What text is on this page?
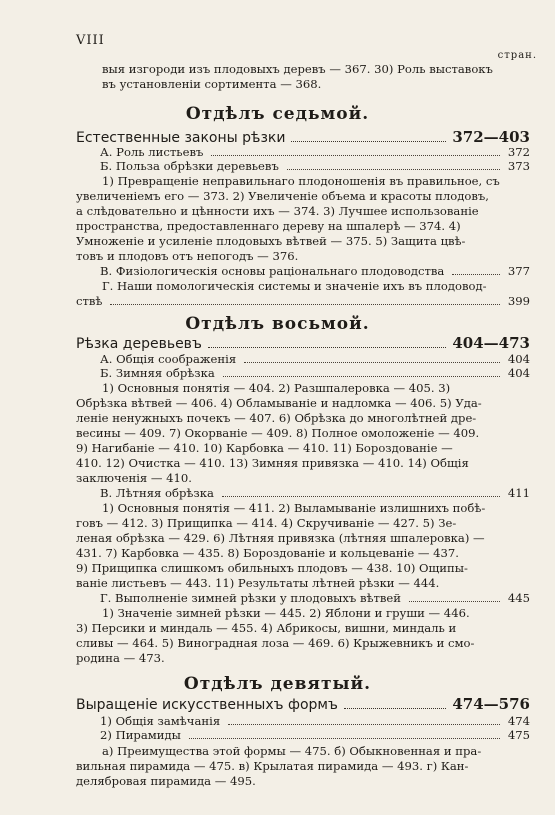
VIII
стран.
выя изгороди изъ плодовыхъ деревъ — 367. 30) Роль выставокъ
въ установленіи сортимента — 368.
Отдѣлъ седьмой.
Естественные законы рѣзки	372—403
А. Роль листьевъ	372
Б. Польза обрѣзки деревьевъ	373
1) Превращеніе неправильнаго плодоношенія въ правильное, съ
увеличеніемъ его — 373. 2) Увеличеніе объема и красоты плодовъ,
а слѣдовательно и цѣнности ихъ — 374. 3) Лучшее использованіе
пространства, предоставленнаго дереву на шпалерѣ — 374. 4)
Умноженіе и усиленіе плодовыхъ вѣтвей — 375. 5) Защита цвѣ-
товъ и плодовъ отъ непогодъ — 376.
В. Физіологическія основы раціональнаго плодоводства	377
Г. Наши помологическія системы и значеніе ихъ въ плодовод-
ствѣ	399
Отдѣлъ восьмой.
Рѣзка деревьевъ	404—473
А. Общія соображенія	404
Б. Зимняя обрѣзка	404
1) Основныя понятія — 404. 2) Разшпалеровка — 405. 3)
Обрѣзка вѣтвей — 406. 4) Обламываніе и надломка — 406. 5) Уда-
леніе ненужныхъ почекъ — 407. 6) Обрѣзка до многолѣтней дре-
весины — 409. 7) Окорваніе — 409. 8) Полное омоложеніе — 409.
9) Нагибаніе — 410. 10) Карбовка — 410. 11) Бороздованіе —
410. 12) Очистка — 410. 13) Зимняя привязка — 410. 14) Общія
заключенія — 410.
В. Лѣтняя обрѣзка	411
1) Основныя понятія — 411. 2) Выламываніе излишнихъ побѣ-
говъ — 412. 3) Прищипка — 414. 4) Скручиваніе — 427. 5) Зе-
леная обрѣзка — 429. 6) Лѣтняя привязка (лѣтняя шпалеровка) —
431. 7) Карбовка — 435. 8) Бороздованіе и кольцеваніе — 437.
9) Прищипка слишкомъ обильныхъ плодовъ — 438. 10) Ощипы-
ваніе листьевъ — 443. 11) Результаты лѣтней рѣзки — 444.
Г. Выполненіе зимней рѣзки у плодовыхъ вѣтвей	445
1) Значеніе зимней рѣзки — 445. 2) Яблони и груши — 446.
3) Персики и миндаль — 455. 4) Абрикосы, вишни, миндаль и
сливы — 464. 5) Виноградная лоза — 469. 6) Крыжевникъ и смо-
родина — 473.
Отдѣлъ девятый.
Выращеніе искусственныхъ формъ	474—576
1) Общія замѣчанія	474
2) Пирамиды	475
а) Преимущества этой формы — 475. б) Обыкновенная и пра-
вильная пирамида — 475. в) Крылатая пирамида — 493. г) Кан-
делябровая пирамида — 495.
